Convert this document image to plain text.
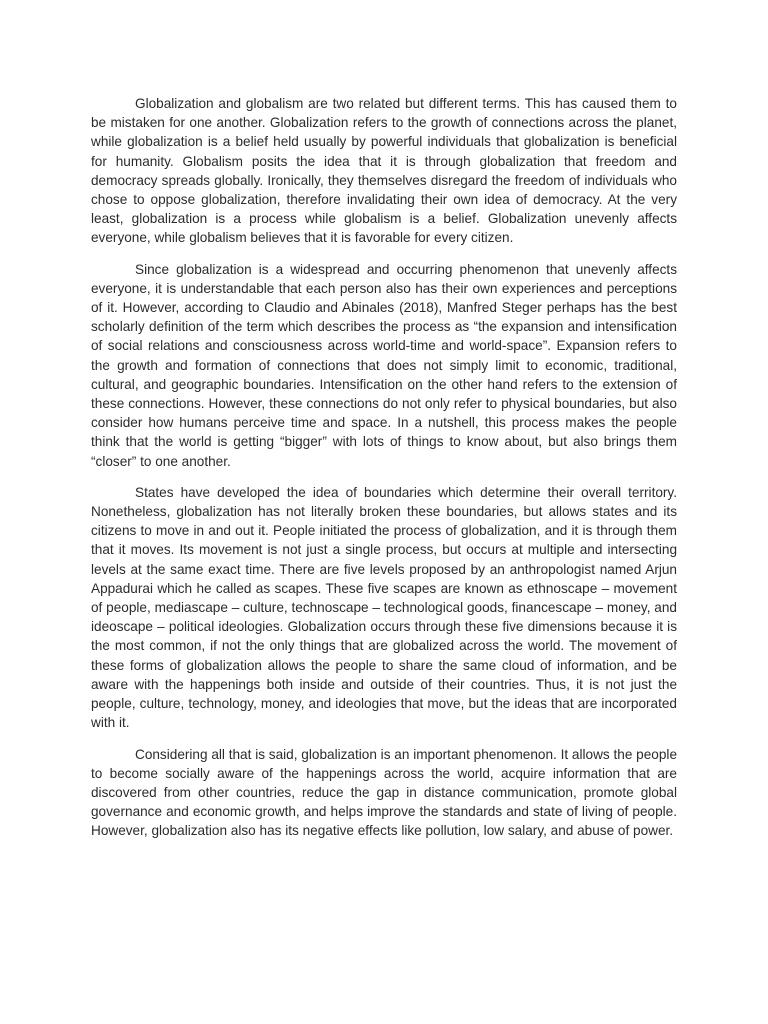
Globalization and globalism are two related but different terms. This has caused them to be mistaken for one another. Globalization refers to the growth of connections across the planet, while globalization is a belief held usually by powerful individuals that globalization is beneficial for humanity. Globalism posits the idea that it is through globalization that freedom and democracy spreads globally. Ironically, they themselves disregard the freedom of individuals who chose to oppose globalization, therefore invalidating their own idea of democracy. At the very least, globalization is a process while globalism is a belief. Globalization unevenly affects everyone, while globalism believes that it is favorable for every citizen.

Since globalization is a widespread and occurring phenomenon that unevenly affects everyone, it is understandable that each person also has their own experiences and perceptions of it. However, according to Claudio and Abinales (2018), Manfred Steger perhaps has the best scholarly definition of the term which describes the process as “the expansion and intensification of social relations and consciousness across world-time and world-space”. Expansion refers to the growth and formation of connections that does not simply limit to economic, traditional, cultural, and geographic boundaries. Intensification on the other hand refers to the extension of these connections. However, these connections do not only refer to physical boundaries, but also consider how humans perceive time and space. In a nutshell, this process makes the people think that the world is getting “bigger” with lots of things to know about, but also brings them “closer” to one another.

States have developed the idea of boundaries which determine their overall territory. Nonetheless, globalization has not literally broken these boundaries, but allows states and its citizens to move in and out it. People initiated the process of globalization, and it is through them that it moves. Its movement is not just a single process, but occurs at multiple and intersecting levels at the same exact time. There are five levels proposed by an anthropologist named Arjun Appadurai which he called as scapes. These five scapes are known as ethnoscape – movement of people, mediascape – culture, technoscape – technological goods, financescape – money, and ideoscape – political ideologies. Globalization occurs through these five dimensions because it is the most common, if not the only things that are globalized across the world. The movement of these forms of globalization allows the people to share the same cloud of information, and be aware with the happenings both inside and outside of their countries. Thus, it is not just the people, culture, technology, money, and ideologies that move, but the ideas that are incorporated with it.

Considering all that is said, globalization is an important phenomenon. It allows the people to become socially aware of the happenings across the world, acquire information that are discovered from other countries, reduce the gap in distance communication, promote global governance and economic growth, and helps improve the standards and state of living of people. However, globalization also has its negative effects like pollution, low salary, and abuse of power.
